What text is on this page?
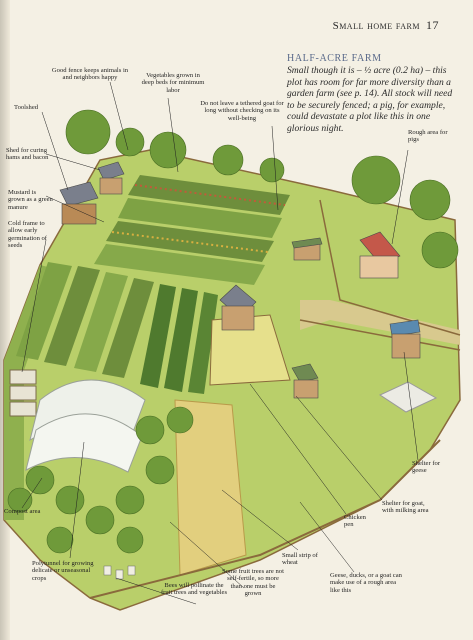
Small home farm 17
HALF-ACRE FARM

Small though it is – ½ acre (0.2 ha) – this plot has room for far more diversity than a garden farm (see p. 14). All stock will need to be securely fenced; a pig, for example, could devastate a plot like this in one glorious night.

Good fence keeps animals in and neighbors happy	Vegetables grown in deep beds for minimum labor
Do not leave a tethered goat for long without checking on its well-being
Toolshed
Shed for curing hams and bacon
Mustard is grown as a green manure
Cold frame to allow early germination of seeds
Rough area for pigs
Compost area
Polytunnel for growing delicate or unseasonal crops
Bees will pollinate the fruit trees and vegetables
Some fruit trees are not self-fertile, so more than one must be grown
Small strip of wheat
Chicken pen
Geese, ducks, or a goat can make use of a rough area like this
Shelter for goat, with milking area
Shelter for geese
